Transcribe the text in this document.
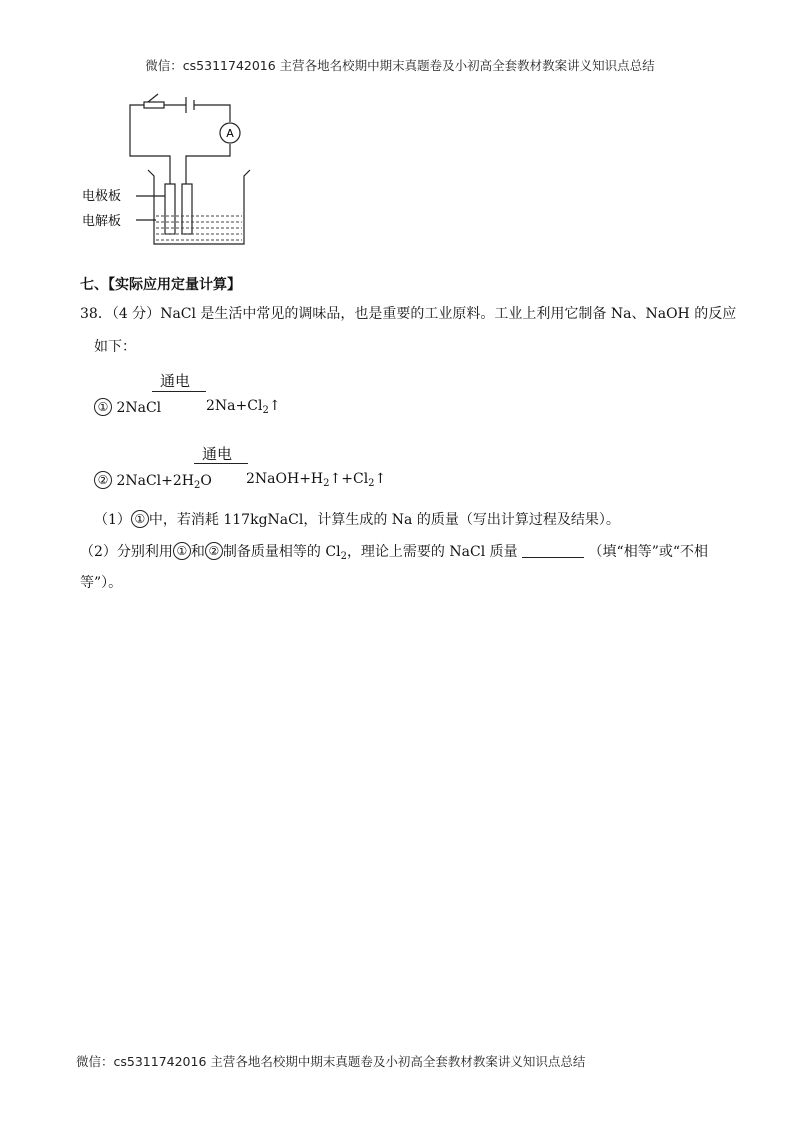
微信：cs5311742016 主营各地名校期中期末真题卷及小初高全套教材教案讲义知识点总结
A
电极板
电解板
七、【实际应用定量计算】
38．（4 分）NaCl 是生活中常见的调味品，也是重要的工业原料。工业上利用它制备 Na、NaOH 的反应
如下：
通电
① 2NaCl	$2Na+Cl_2↑$
通电
② $2NaCl+2H_2O$ $2NaOH+H_2↑+Cl_2↑$
（1） ① 中，若消耗 117kgNaCl，计算生成的 Na 的质量（写出计算过程及结果）。
（2）分别利用 ① 和 ② 制备质量相等的 $Cl_2$，理论上需要的 NaCl 质量	（填“相等”或“不相
等”）。
微信：cs5311742016 主营各地名校期中期末真题卷及小初高全套教材教案讲义知识点总结
